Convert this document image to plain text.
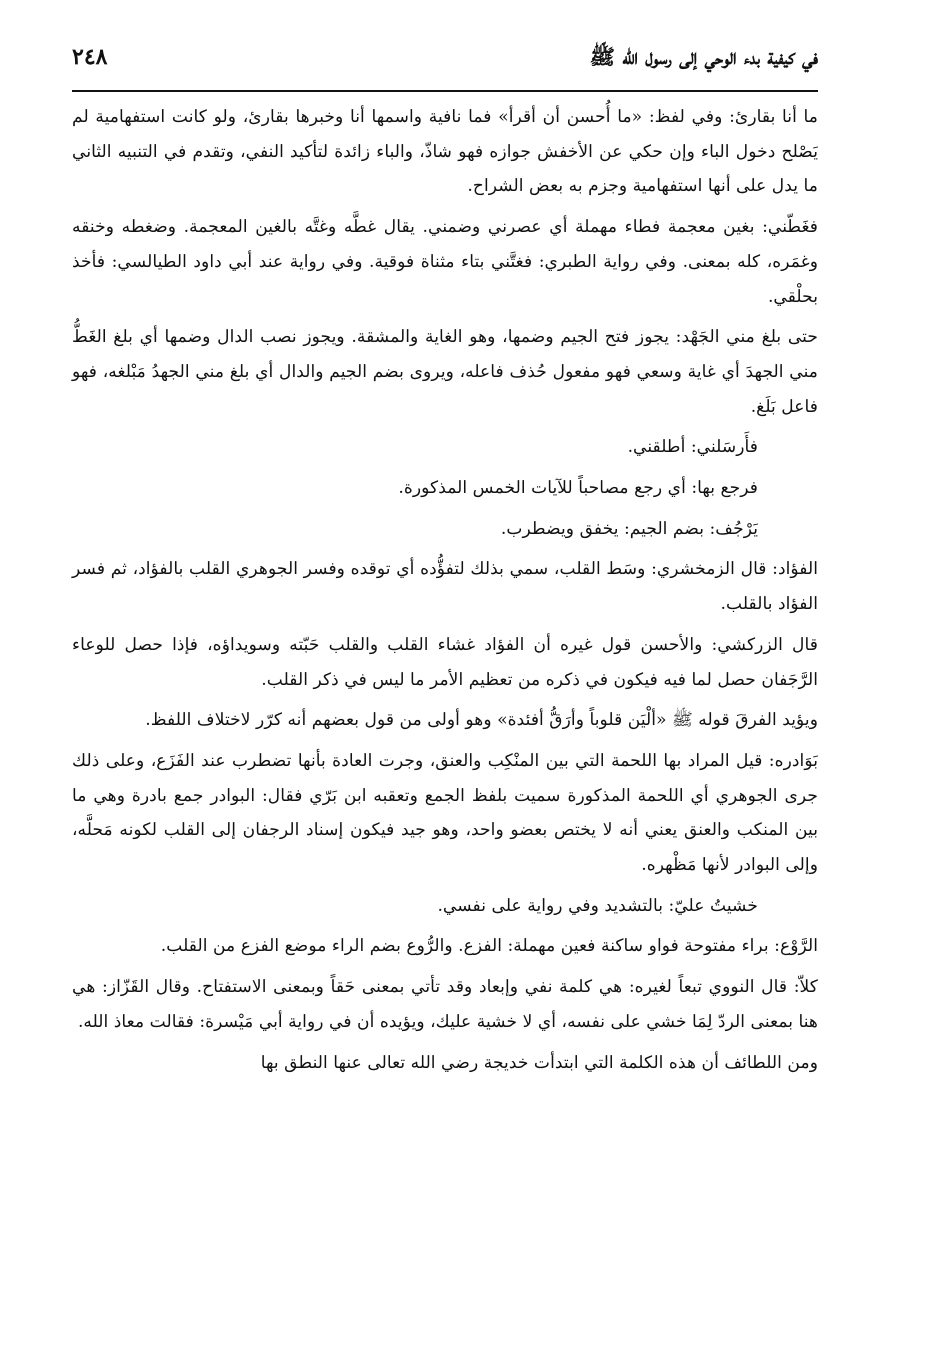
في كيفية بدء الوحي إلى رسول الله ﷺ
٢٤٨

ما أنا بقارئ: وفي لفظ: «ما أُحسن أن أقرأ» فما نافية واسمها أنا وخبرها بقارئ، ولو كانت استفهامية لم يَصْلح دخول الباء وإن حكي عن الأخفش جوازه فهو شاذّ، والباء زائدة لتأكيد النفي، وتقدم في التنبيه الثاني ما يدل على أنها استفهامية وجزم به بعض الشراح.

فغَطّني: بغين معجمة فطاء مهملة أي عصرني وضمني. يقال غطَّه وغتَّه بالغين المعجمة. وضغطه وخنقه وغمَره، كله بمعنى. وفي رواية الطبري: فغتَّني بتاء مثناة فوقية. وفي رواية عند أبي داود الطيالسي: فأخذ بحلْقي.

حتى بلغ مني الجَهْد: يجوز فتح الجيم وضمها، وهو الغاية والمشقة. ويجوز نصب الدال وضمها أي بلغ الغَطُّ مني الجهدَ أي غاية وسعي فهو مفعول حُذف فاعله، ويروى بضم الجيم والدال أي بلغ مني الجهدُ مَبْلغه، فهو فاعل بَلَغ.

فأَرسَلني: أطلقني.

فرجع بها: أي رجع مصاحباً للآيات الخمس المذكورة.

يَرْجُف: بضم الجيم: يخفق ويضطرب.

الفؤاد: قال الزمخشري: وسَط القلب، سمي بذلك لتفؤُّده أي توقده وفسر الجوهري القلب بالفؤاد، ثم فسر الفؤاد بالقلب.

قال الزركشي: والأحسن قول غيره أن الفؤاد غشاء القلب والقلب حَبّته وسويداؤه، فإذا حصل للوعاء الرَّجَفان حصل لما فيه فيكون في ذكره من تعظيم الأمر ما ليس في ذكر القلب.

ويؤيد الفرقَ قوله ﷺ «ألْيَن قلوباً وأرَقُّ أفئدة» وهو أولى من قول بعضهم أنه كرّر لاختلاف اللفظ.

بَوَادره: قيل المراد بها اللحمة التي بين المنْكِب والعنق، وجرت العادة بأنها تضطرب عند الفَزَع، وعلى ذلك جرى الجوهري أي اللحمة المذكورة سميت بلفظ الجمع وتعقبه ابن بَرّي فقال: البوادر جمع بادرة وهي ما بين المنكب والعنق يعني أنه لا يختص بعضو واحد، وهو جيد فيكون إسناد الرجفان إلى القلب لكونه مَحلَّه، وإلى البوادر لأنها مَظْهره.

خشيتُ عليّ: بالتشديد وفي رواية على نفسي.

الرَّوْع: براء مفتوحة فواو ساكنة فعين مهملة: الفزع. والرُّوع بضم الراء موضع الفزع من القلب.

كلاّ: قال النووي تبعاً لغيره: هي كلمة نفي وإبعاد وقد تأتي بمعنى حَقاً وبمعنى الاستفتاح. وقال القَزّاز: هي هنا بمعنى الردّ لِمَا خشي على نفسه، أي لا خشية عليك، ويؤيده أن في رواية أبي مَيْسرة: فقالت معاذ الله.

ومن اللطائف أن هذه الكلمة التي ابتدأت خديجة رضي الله تعالى عنها النطق بها
